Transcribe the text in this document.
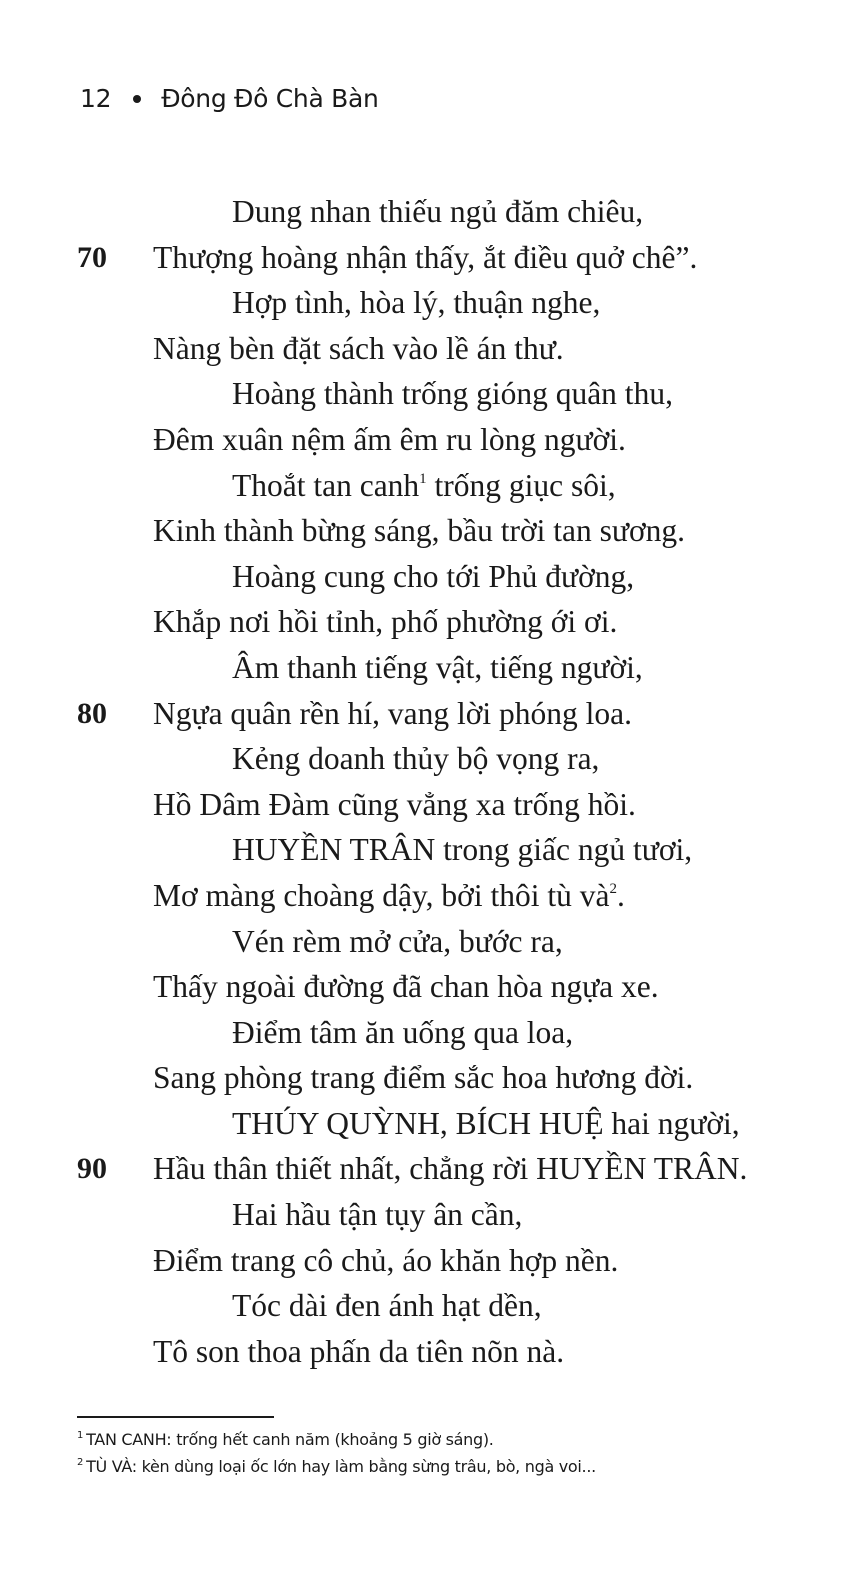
12 Đông Đô Chà Bàn
Dung nhan thiếu ngủ đăm chiêu,
70 Thượng hoàng nhận thấy, ắt điều quở chê”.
Hợp tình, hòa lý, thuận nghe,
Nàng bèn đặt sách vào lề án thư.
Hoàng thành trống gióng quân thu,
Đêm xuân nệm ấm êm ru lòng người.
Thoắt tan canh$^1$ trống giục sôi,
Kinh thành bừng sáng, bầu trời tan sương.
Hoàng cung cho tới Phủ đường,
Khắp nơi hồi tỉnh, phố phường ới ơi.
Âm thanh tiếng vật, tiếng người,
80 Ngựa quân rền hí, vang lời phóng loa.
Kẻng doanh thủy bộ vọng ra,
Hồ Dâm Đàm cũng vẳng xa trống hồi.
HUYỀN TRÂN trong giấc ngủ tươi,
Mơ màng choàng dậy, bởi thôi tù $và^2$.
Vén rèm mở cửa, bước ra,
Thấy ngoài đường đã chan hòa ngựa xe.
Điểm tâm ăn uống qua loa,
Sang phòng trang điểm sắc hoa hương đời.
THÚY QUỲNH, BÍCH HUỆ hai người,
90 Hầu thân thiết nhất, chẳng rời HUYỀN TRÂN.
Hai hầu tận tụy ân cần,
Điểm trang cô chủ, áo khăn hợp nền.
Tóc dài đen ánh hạt dền,
Tô son thoa phấn da tiên nõn nà.
$^1$ TAN CANH: trống hết canh năm (khoảng 5 giờ sáng).
$^2$ TÙ VÀ: kèn dùng loại ốc lớn hay làm bằng sừng trâu, bò, ngà voi...
